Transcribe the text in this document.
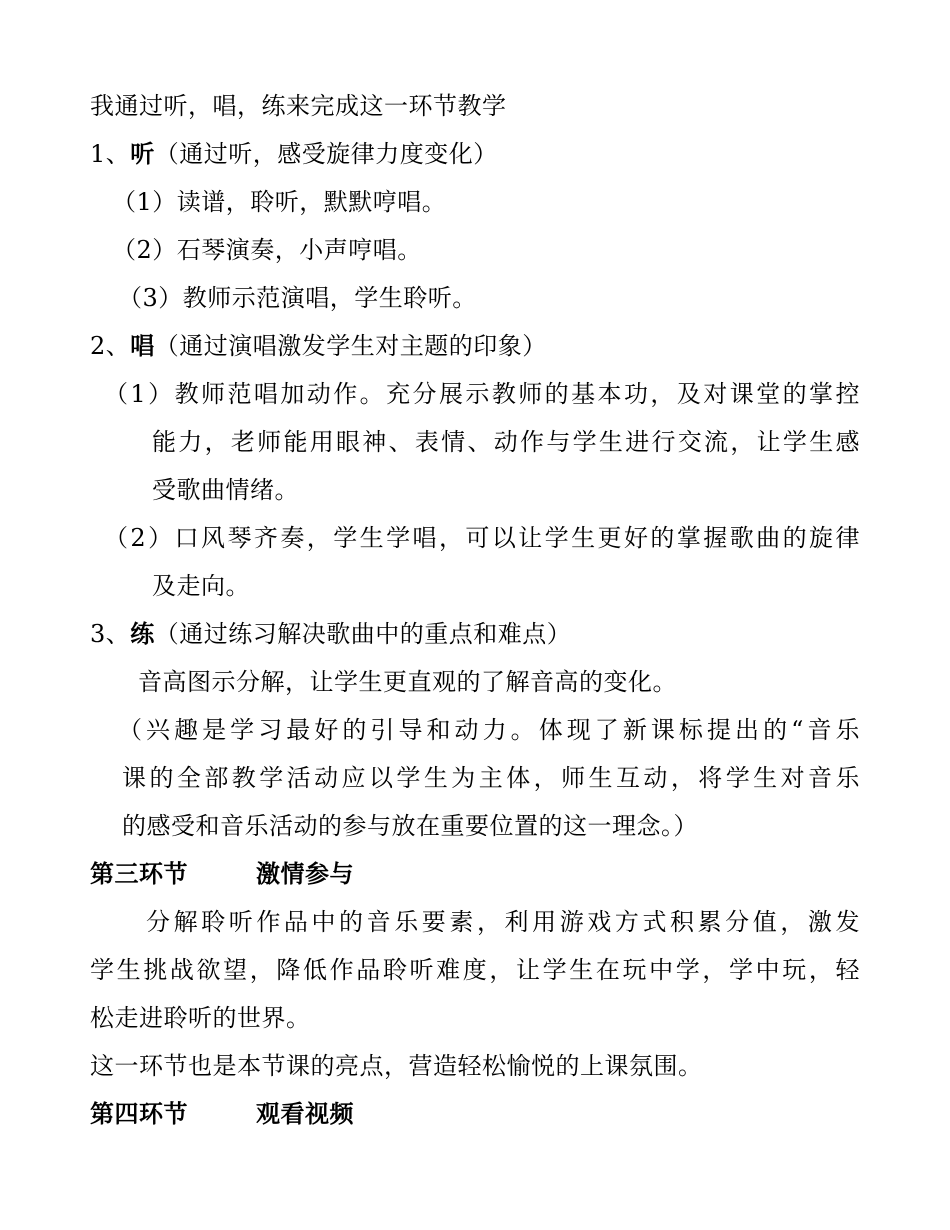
我通过听，唱，练来完成这一环节教学
1、听（通过听，感受旋律力度变化）
（1）读谱，聆听，默默哼唱。
（2）石琴演奏，小声哼唱。
（3）教师示范演唱，学生聆听。
2、唱（通过演唱激发学生对主题的印象）
（1）教师范唱加动作。充分展示教师的基本功，及对课堂的掌控
能力，老师能用眼神、表情、动作与学生进行交流，让学生感
受歌曲情绪。
（2）口风琴齐奏，学生学唱，可以让学生更好的掌握歌曲的旋律
及走向。
3、练（通过练习解决歌曲中的重点和难点）
音高图示分解，让学生更直观的了解音高的变化。
（兴趣是学习最好的引导和动力。体现了新课标提出的“音乐
课的全部教学活动应以学生为主体，师生互动，将学生对音乐
的感受和音乐活动的参与放在重要位置的这一理念。）
第三环节	激情参与
分解聆听作品中的音乐要素，利用游戏方式积累分值，激发
学生挑战欲望，降低作品聆听难度，让学生在玩中学，学中玩，轻
松走进聆听的世界。
这一环节也是本节课的亮点，营造轻松愉悦的上课氛围。
第四环节	观看视频
